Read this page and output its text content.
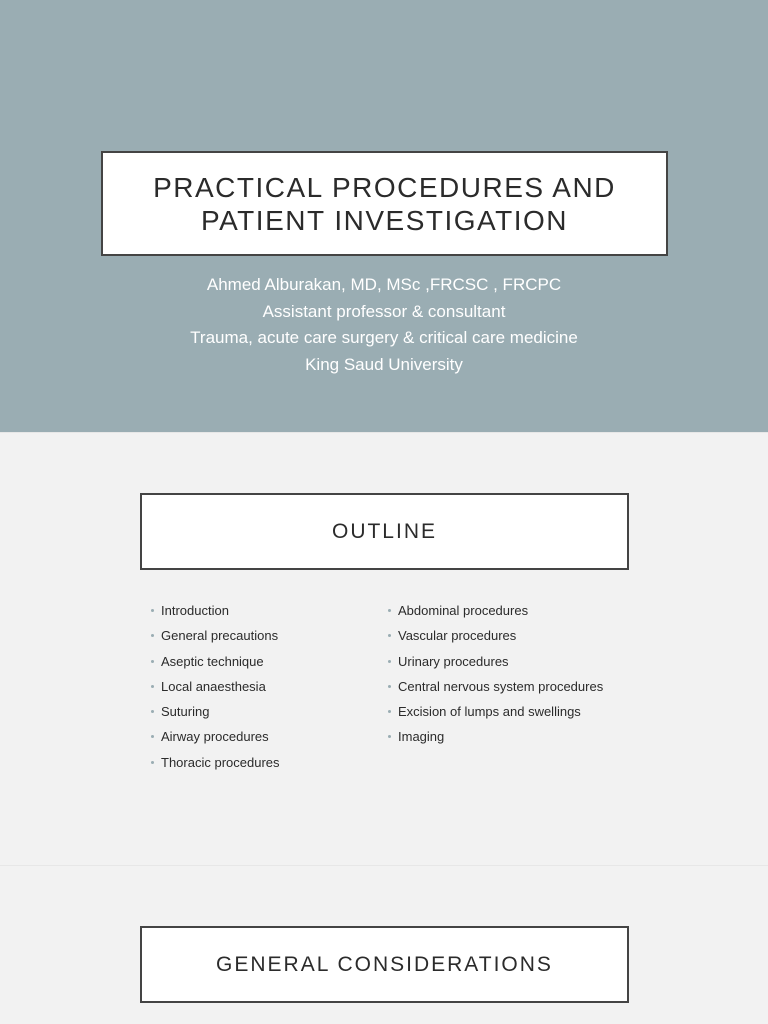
PRACTICAL PROCEDURES AND PATIENT INVESTIGATION
Ahmed Alburakan, MD, MSc ,FRCSC , FRCPC
Assistant professor & consultant
Trauma, acute care surgery & critical care medicine
King Saud University
OUTLINE
Introduction
General precautions
Aseptic technique
Local anaesthesia
Suturing
Airway procedures
Thoracic procedures
Abdominal procedures
Vascular procedures
Urinary procedures
Central nervous system procedures
Excision of lumps and swellings
Imaging
GENERAL CONSIDERATIONS
